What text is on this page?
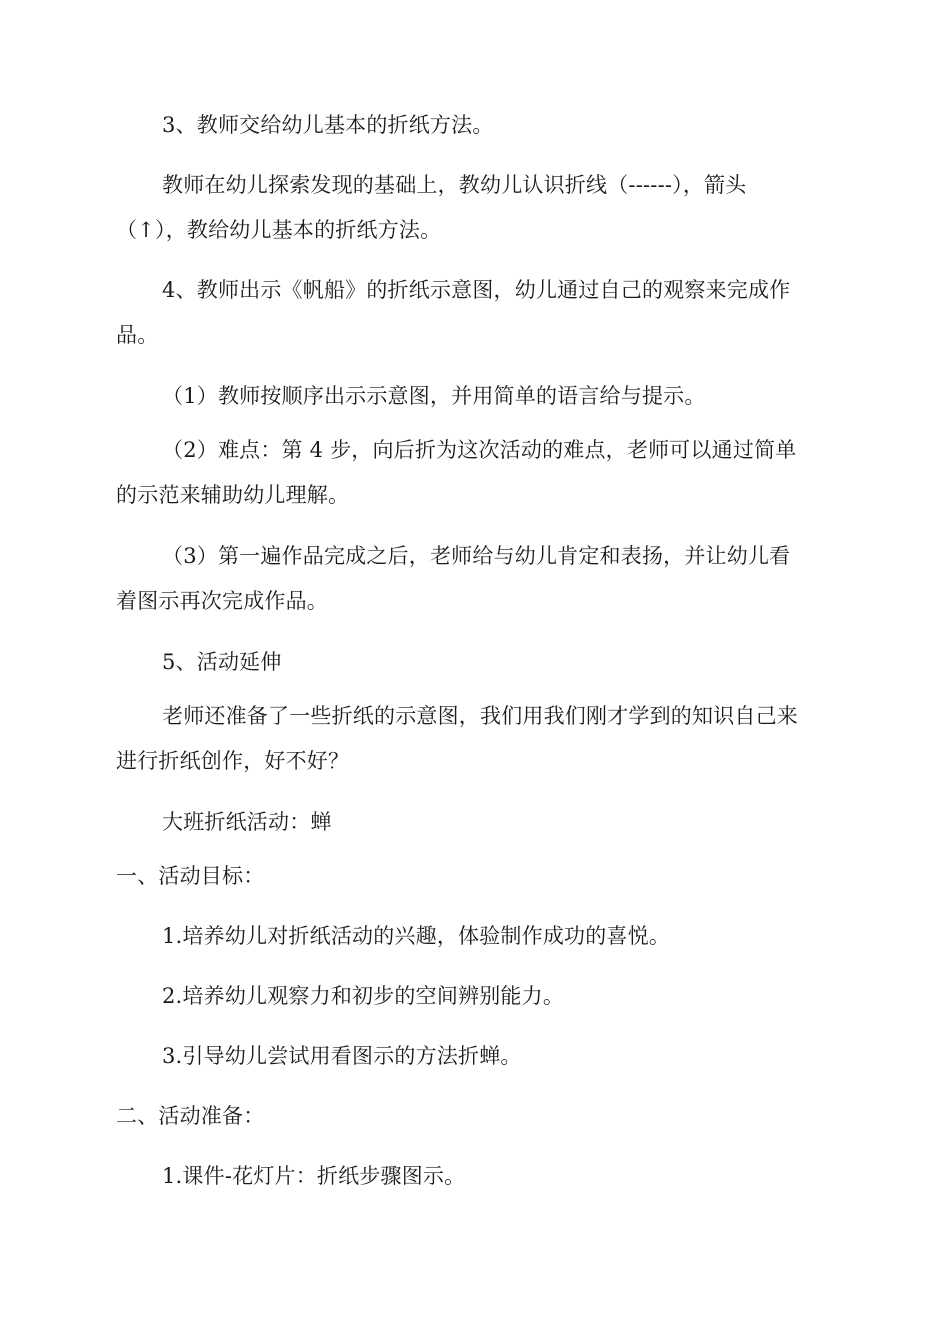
3、教师交给幼儿基本的折纸方法。

教师在幼儿探索发现的基础上，教幼儿认识折线（------），箭头
（↑），教给幼儿基本的折纸方法。

4、教师出示《帆船》的折纸示意图，幼儿通过自己的观察来完成作
品。

（1）教师按顺序出示示意图，并用简单的语言给与提示。

（2）难点：第 4 步，向后折为这次活动的难点，老师可以通过简单
的示范来辅助幼儿理解。

（3）第一遍作品完成之后，老师给与幼儿肯定和表扬，并让幼儿看
着图示再次完成作品。

5、活动延伸

老师还准备了一些折纸的示意图，我们用我们刚才学到的知识自己来
进行折纸创作，好不好？

大班折纸活动：蝉

一、活动目标：

1.培养幼儿对折纸活动的兴趣，体验制作成功的喜悦。

2.培养幼儿观察力和初步的空间辨别能力。

3.引导幼儿尝试用看图示的方法折蝉。

二、活动准备：

1.课件-花灯片：折纸步骤图示。
